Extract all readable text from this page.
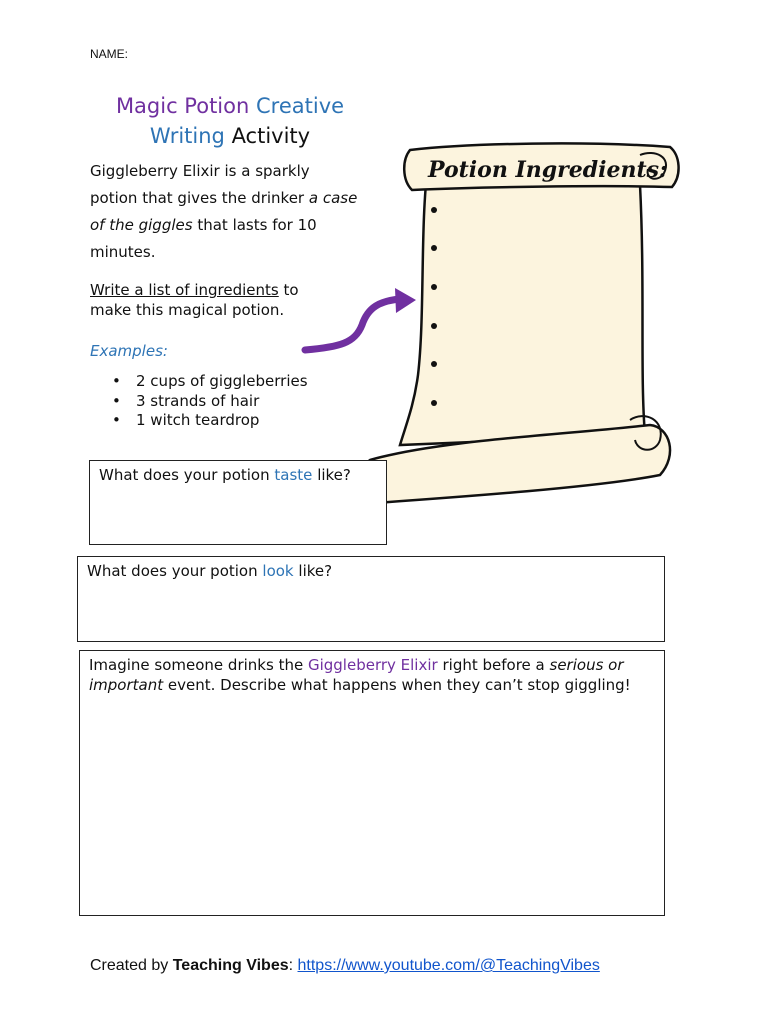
NAME:
Magic Potion Creative
Writing Activity
Giggleberry Elixir is a sparkly potion that gives the drinker a case of the giggles that lasts for 10 minutes.
Write a list of ingredients to make this magical potion.
Examples:
• 2 cups of giggleberries
• 3 strands of hair
• 1 witch teardrop
Potion Ingredients:
What does your potion taste like?
What does your potion look like?
Imagine someone drinks the Giggleberry Elixir right before a serious or important event. Describe what happens when they can’t stop giggling!
Created by Teaching Vibes: https://www.youtube.com/@TeachingVibes
